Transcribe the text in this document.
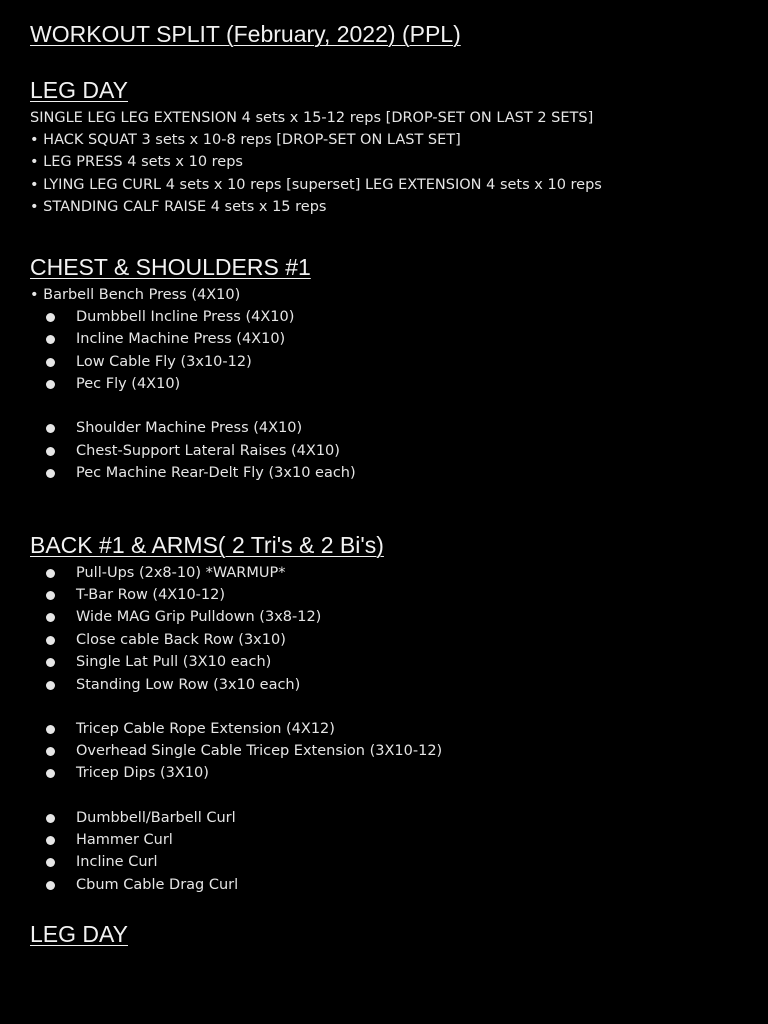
WORKOUT SPLIT (February, 2022) (PPL)
LEG DAY
SINGLE LEG LEG EXTENSION 4 sets x 15-12 reps [DROP-SET ON LAST 2 SETS]
• HACK SQUAT 3 sets x 10-8 reps [DROP-SET ON LAST SET]
• LEG PRESS 4 sets x 10 reps
• LYING LEG CURL 4 sets x 10 reps [superset] LEG EXTENSION 4 sets x 10 reps
• STANDING CALF RAISE 4 sets x 15 reps
CHEST & SHOULDERS #1
• Barbell Bench Press (4X10)
Dumbbell Incline Press (4X10)
Incline Machine Press (4X10)
Low Cable Fly (3x10-12)
Pec Fly (4X10)
Shoulder Machine Press (4X10)
Chest-Support Lateral Raises (4X10)
Pec Machine Rear-Delt Fly (3x10 each)
BACK #1 & ARMS( 2 Tri's & 2 Bi's)
Pull-Ups (2x8-10) *WARMUP*
T-Bar Row (4X10-12)
Wide MAG Grip Pulldown (3x8-12)
Close cable Back Row (3x10)
Single Lat Pull (3X10 each)
Standing Low Row (3x10 each)
Tricep Cable Rope Extension (4X12)
Overhead Single Cable Tricep Extension (3X10-12)
Tricep Dips (3X10)
Dumbbell/Barbell Curl
Hammer Curl
Incline Curl
Cbum Cable Drag Curl
LEG DAY
